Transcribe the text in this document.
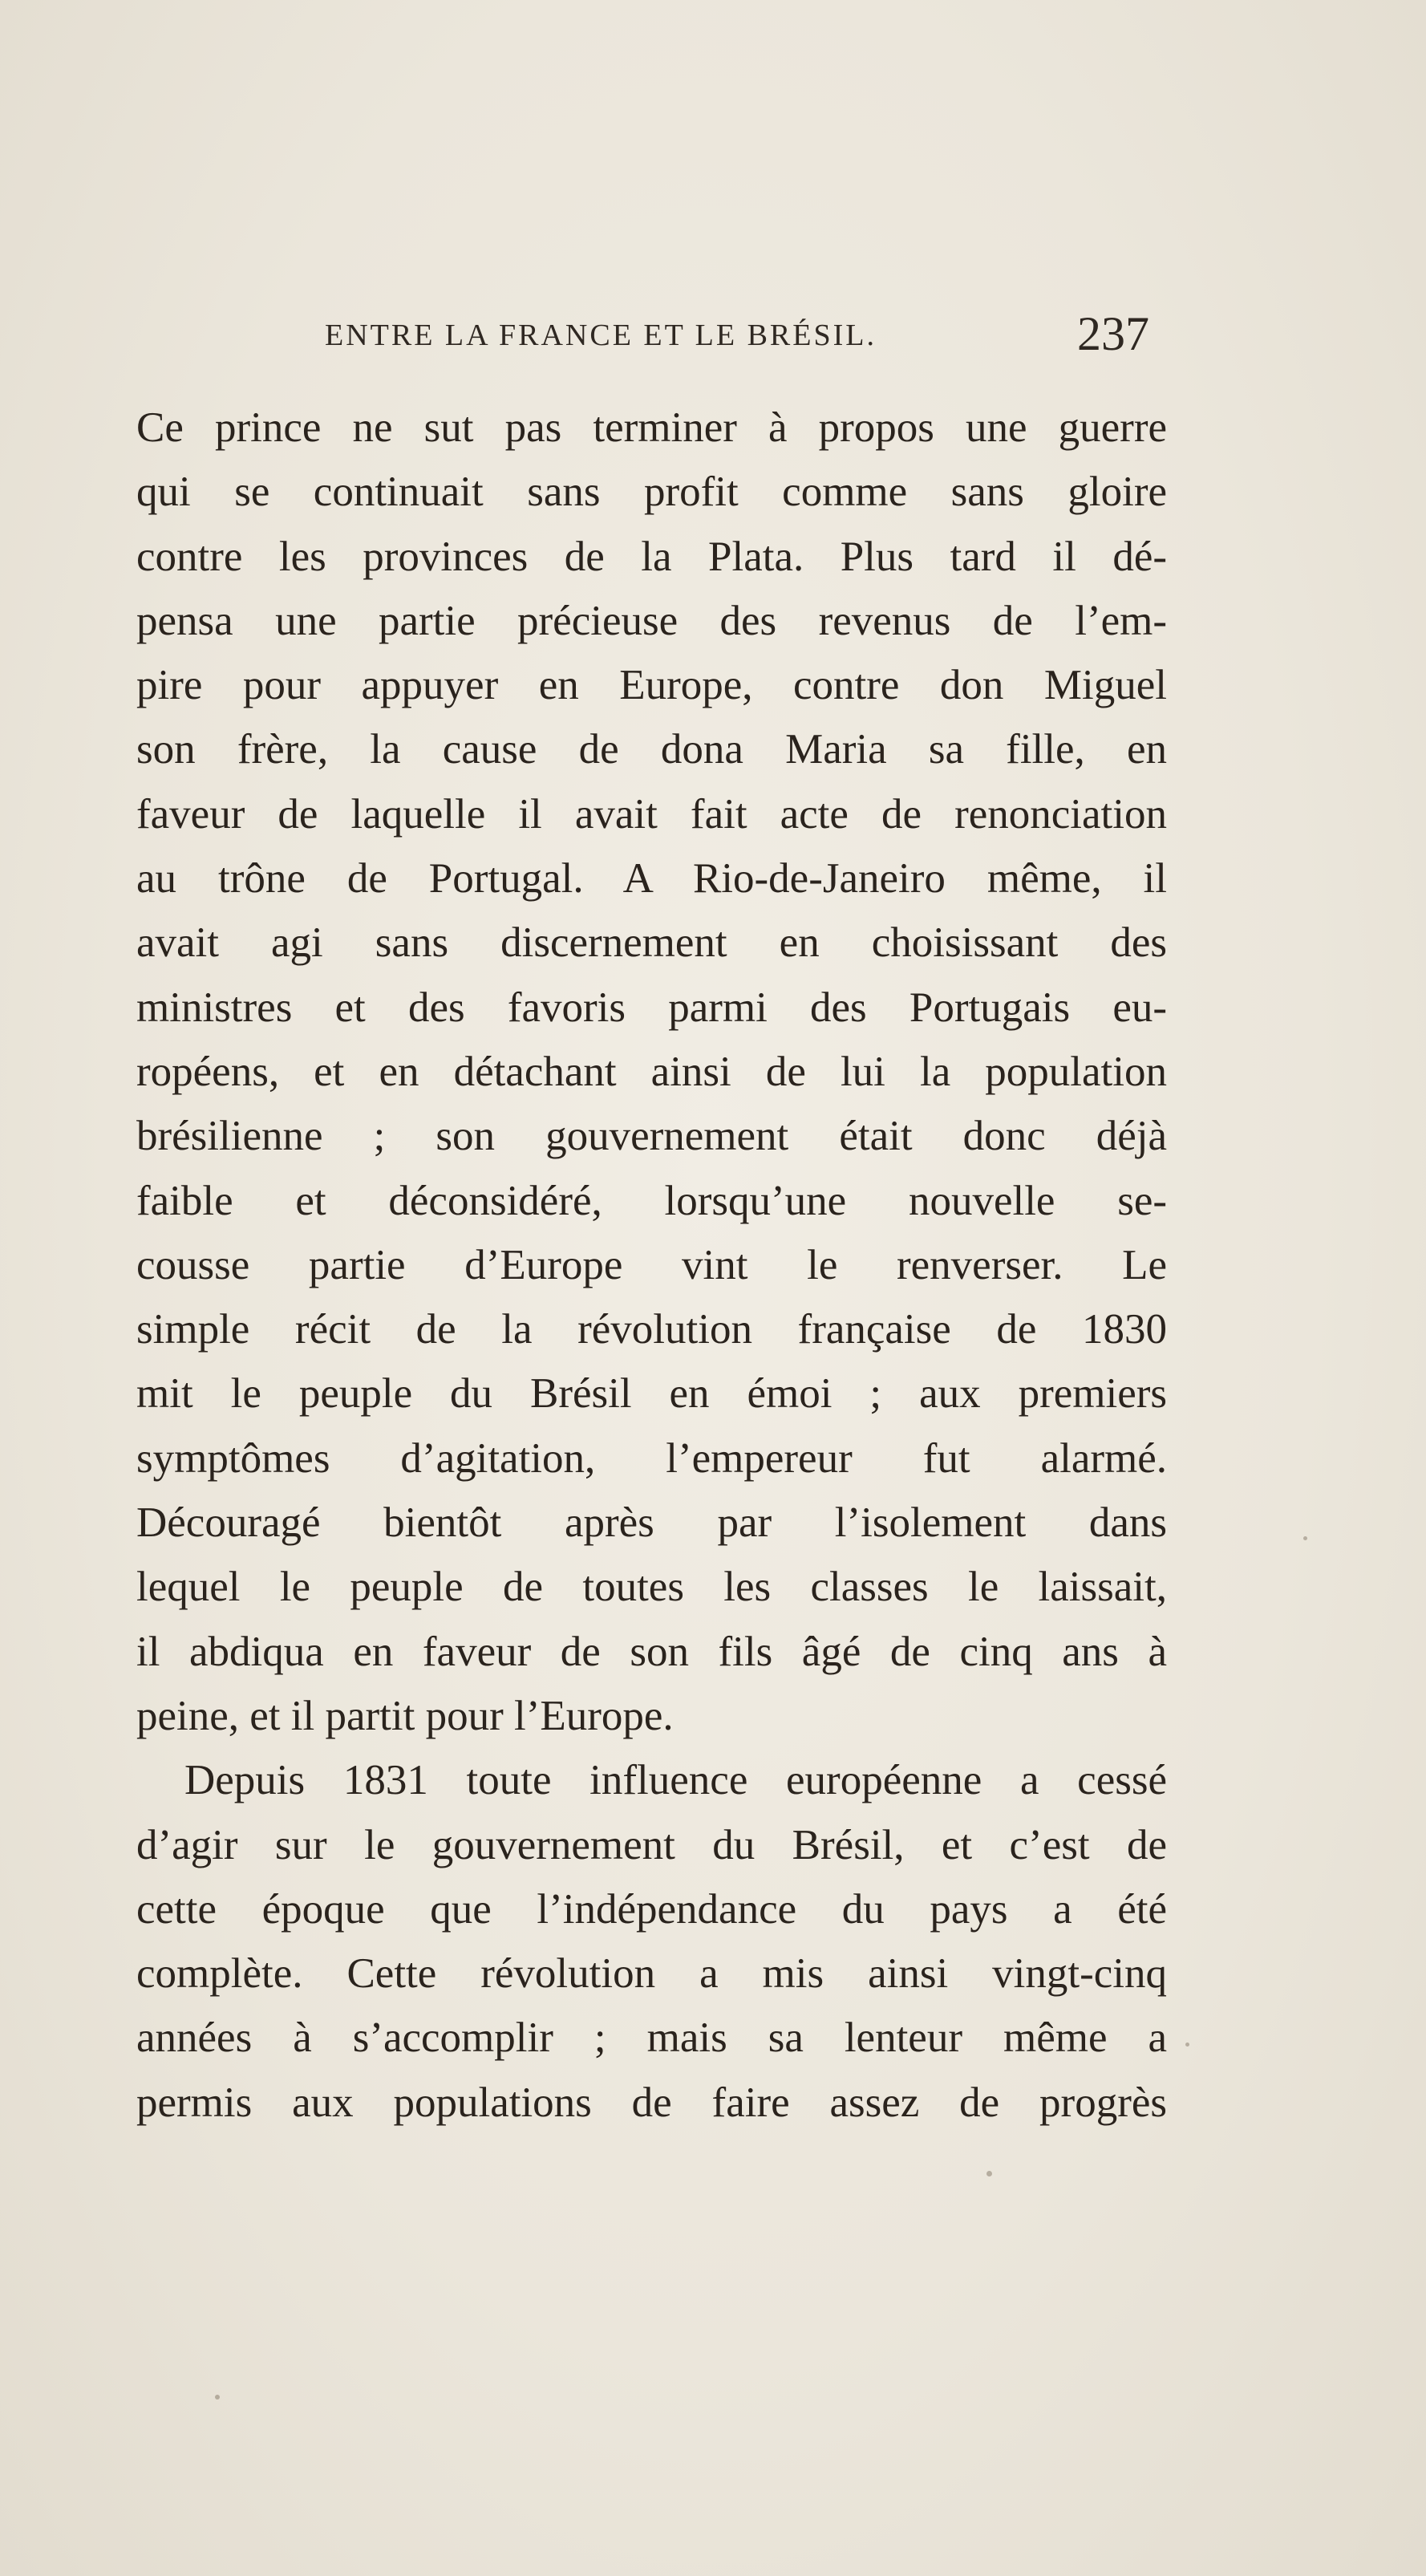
ENTRE LA FRANCE ET LE BRÉSIL.	237
Ce prince ne sut pas terminer à propos une guerre
qui se continuait sans profit comme sans gloire
contre les provinces de la Plata. Plus tard il dé-
pensa une partie précieuse des revenus de l’em-
pire pour appuyer en Europe, contre don Miguel
son frère, la cause de dona Maria sa fille, en
faveur de laquelle il avait fait acte de renonciation
au trône de Portugal. A Rio-de-Janeiro même, il
avait agi sans discernement en choisissant des
ministres et des favoris parmi des Portugais eu-
ropéens, et en détachant ainsi de lui la population
brésilienne ; son gouvernement était donc déjà
faible et déconsidéré, lorsqu’une nouvelle se-
cousse partie d’Europe vint le renverser. Le
simple récit de la révolution française de 1830
mit le peuple du Brésil en émoi ; aux premiers
symptômes d’agitation, l’empereur fut alarmé.
Découragé bientôt après par l’isolement dans
lequel le peuple de toutes les classes le laissait,
il abdiqua en faveur de son fils âgé de cinq ans à
peine, et il partit pour l’Europe.
Depuis 1831 toute influence européenne a cessé
d’agir sur le gouvernement du Brésil, et c’est de
cette époque que l’indépendance du pays a été
complète. Cette révolution a mis ainsi vingt-cinq
années à s’accomplir ; mais sa lenteur même a
permis aux populations de faire assez de progrès
